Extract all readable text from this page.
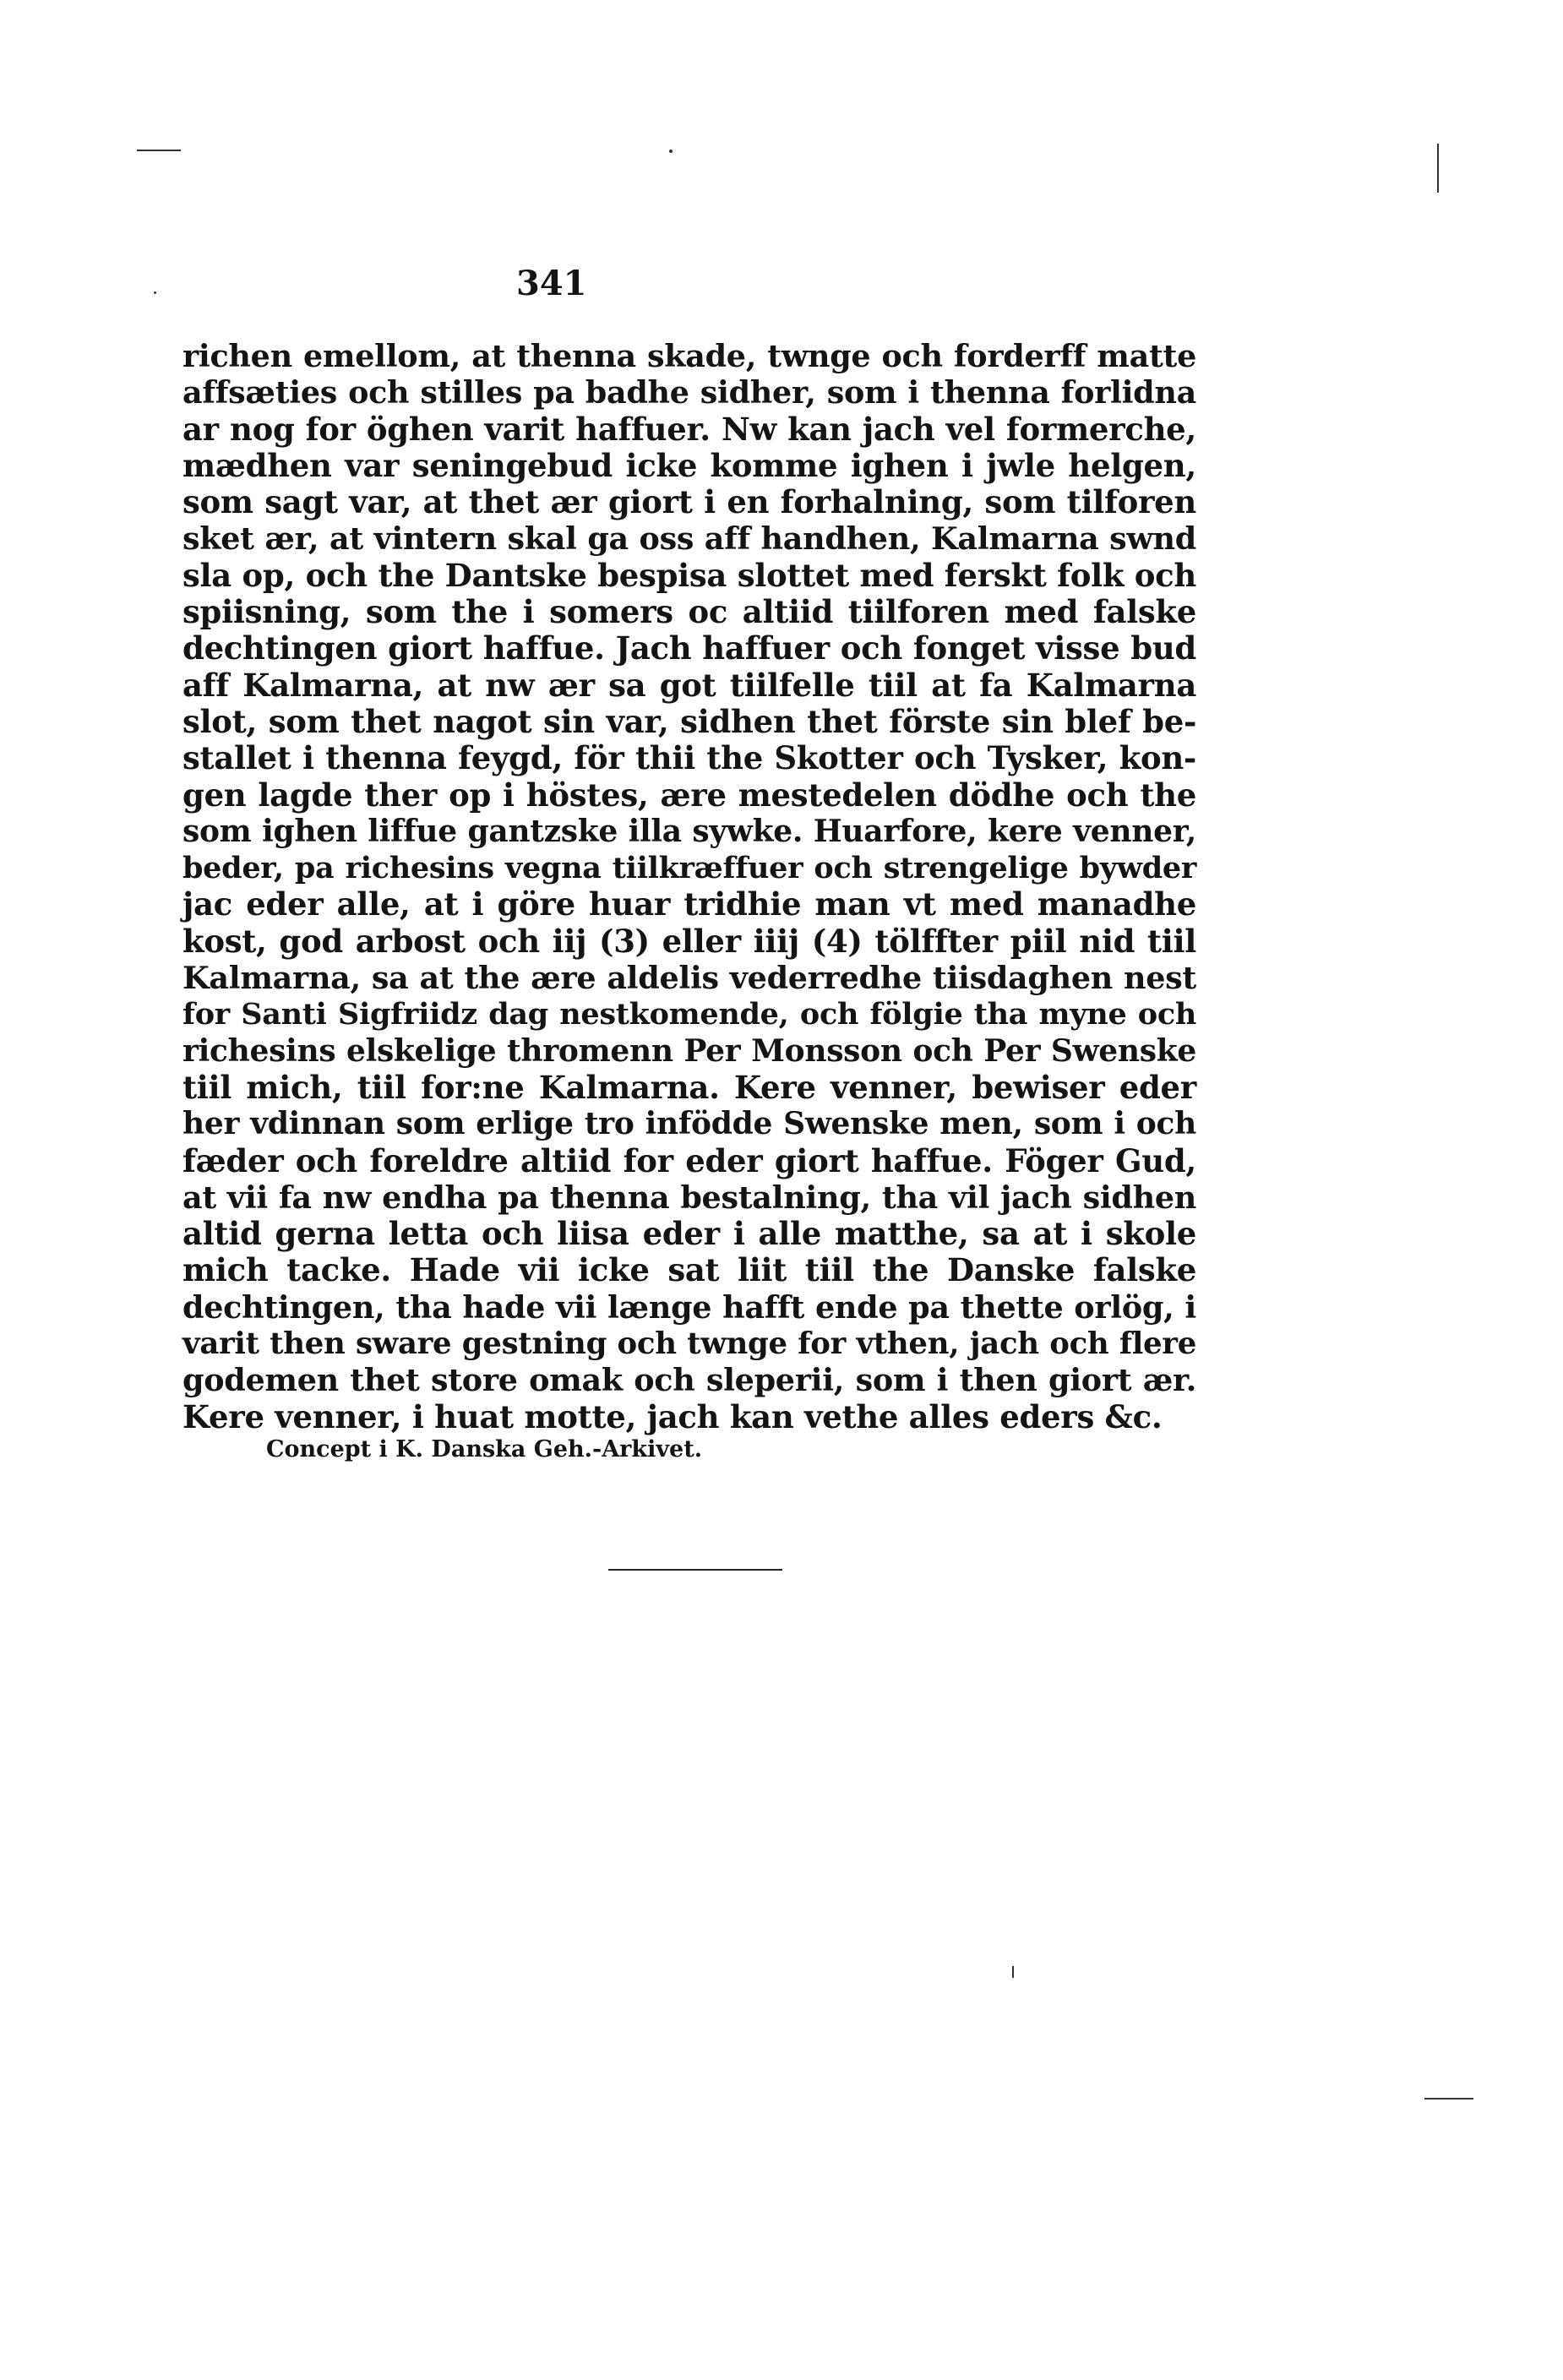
341
richen emellom, at thenna skade, twnge och forderff matte
affsæties och stilles pa badhe sidher, som i thenna forlidna
ar nog for öghen varit haffuer. Nw kan jach vel formerche,
mædhen var seningebud icke komme ighen i jwle helgen,
som sagt var, at thet ær giort i en forhalning, som tilforen
sket ær, at vintern skal ga oss aff handhen, Kalmarna swnd
sla op, och the Dantske bespisa slottet med ferskt folk och
spiisning, som the i somers oc altiid tiilforen med falske
dechtingen giort haffue. Jach haffuer och fonget visse bud
aff Kalmarna, at nw ær sa got tiilfelle tiil at fa Kalmarna
slot, som thet nagot sin var, sidhen thet förste sin blef be-
stallet i thenna feygd, för thii the Skotter och Tysker, kon-
gen lagde ther op i höstes, ære mestedelen dödhe och the
som ighen liffue gantzske illa sywke. Huarfore, kere venner,
beder, pa richesins vegna tiilkræffuer och strengelige bywder
jac eder alle, at i göre huar tridhie man vt med manadhe
kost, god arbost och iij (3) eller iiij (4) tölffter piil nid tiil
Kalmarna, sa at the ære aldelis vederredhe tiisdaghen nest
for Santi Sigfriidz dag nestkomende, och fölgie tha myne och
richesins elskelige thromenn Per Monsson och Per Swenske
tiil mich, tiil for:ne Kalmarna. Kere venner, bewiser eder
her vdinnan som erlige tro infödde Swenske men, som i och
fæder och foreldre altiid for eder giort haffue. Föger Gud,
at vii fa nw endha pa thenna bestalning, tha vil jach sidhen
altid gerna letta och liisa eder i alle matthe, sa at i skole
mich tacke. Hade vii icke sat liit tiil the Danske falske
dechtingen, tha hade vii længe hafft ende pa thette orlög, i
varit then sware gestning och twnge for vthen, jach och flere
godemen thet store omak och sleperii, som i then giort ær.
Kere venner, i huat motte, jach kan vethe alles eders &c.
Concept i K. Danska Geh.-Arkivet.
